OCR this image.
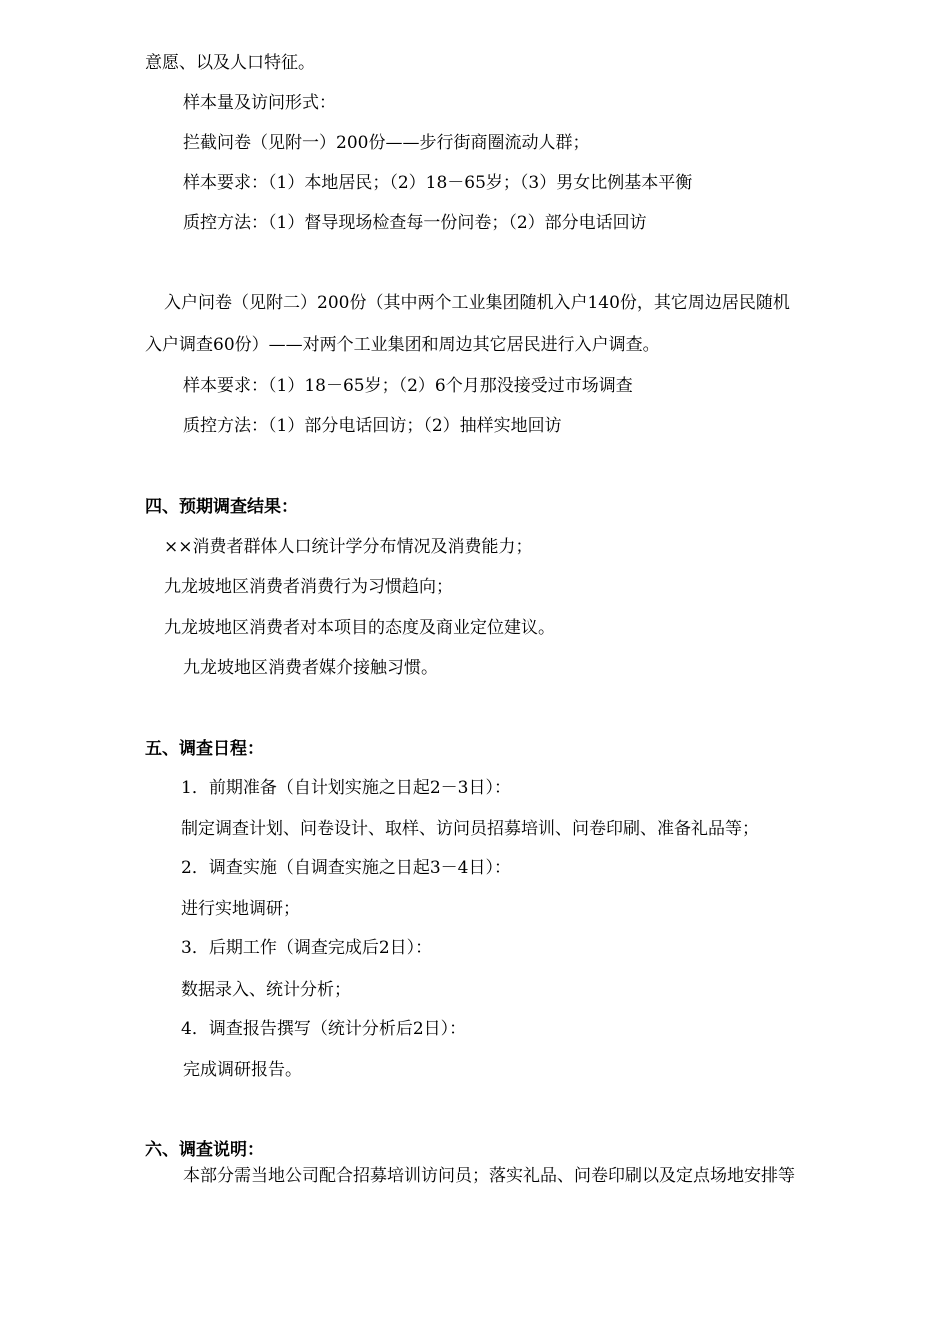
意愿、以及人口特征。
样本量及访问形式：
拦截问卷（见附一）200份——步行街商圈流动人群；
样本要求：（1）本地居民；（2）18－65岁；（3）男女比例基本平衡
质控方法：（1）督导现场检查每一份问卷；（2）部分电话回访
入户问卷（见附二）200份（其中两个工业集团随机入户140份，其它周边居民随机
入户调查60份）——对两个工业集团和周边其它居民进行入户调查。
样本要求：（1）18－65岁；（2）6个月那没接受过市场调查
质控方法：（1）部分电话回访；（2）抽样实地回访
四、预期调查结果：
××消费者群体人口统计学分布情况及消费能力；
九龙坡地区消费者消费行为习惯趋向；
九龙坡地区消费者对本项目的态度及商业定位建议。
九龙坡地区消费者媒介接触习惯。
五、调查日程：
1．前期准备（自计划实施之日起2－3日）：
制定调查计划、问卷设计、取样、访问员招募培训、问卷印刷、准备礼品等；
2．调查实施（自调查实施之日起3－4日）：
进行实地调研；
3．后期工作（调查完成后2日）：
数据录入、统计分析；
4．调查报告撰写（统计分析后2日）：
完成调研报告。
六、调查说明：
本部分需当地公司配合招募培训访问员；落实礼品、问卷印刷以及定点场地安排等
